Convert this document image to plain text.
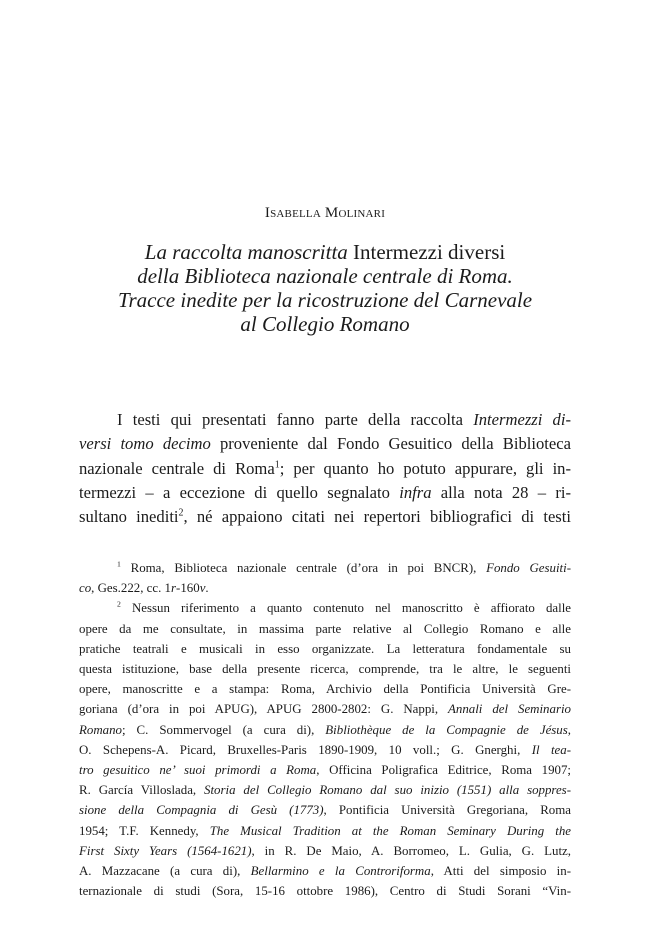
Isabella Molinari
La raccolta manoscritta Intermezzi diversi
della Biblioteca nazionale centrale di Roma.
Tracce inedite per la ricostruzione del Carnevale
al Collegio Romano
I testi qui presentati fanno parte della raccolta Intermezzi di-
versi tomo decimo proveniente dal Fondo Gesuitico della Biblioteca
nazionale centrale di Roma$^1$; per quanto ho potuto appurare, gli in-
termezzi – a eccezione di quello segnalato infra alla nota 28 – ri-
sultano inediti$^2$, né appaiono citati nei repertori bibliografici di testi
$^1$ Roma, Biblioteca nazionale centrale (d’ora in poi BNCR), Fondo Gesuiti-
co, Ges.222, cc. 1r-160v.
$^2$ Nessun riferimento a quanto contenuto nel manoscritto è affiorato dalle
opere da me consultate, in massima parte relative al Collegio Romano e alle
pratiche teatrali e musicali in esso organizzate. La letteratura fondamentale su
questa istituzione, base della presente ricerca, comprende, tra le altre, le seguenti
opere, manoscritte e a stampa: Roma, Archivio della Pontificia Università Gre-
goriana (d’ora in poi APUG), APUG 2800-2802: G. Nappi, Annali del Seminario
Romano; C. Sommervogel (a cura di), Bibliothèque de la Compagnie de Jésus,
O. Schepens-A. Picard, Bruxelles-Paris 1890-1909, 10 voll.; G. Gnerghi, Il tea-
tro gesuitico ne’ suoi primordi a Roma, Officina Poligrafica Editrice, Roma 1907;
R. García Villoslada, Storia del Collegio Romano dal suo inizio (1551) alla soppres-
sione della Compagnia di Gesù (1773), Pontificia Università Gregoriana, Roma
1954; T.F. Kennedy, The Musical Tradition at the Roman Seminary During the
First Sixty Years (1564-1621), in R. De Maio, A. Borromeo, L. Gulia, G. Lutz,
A. Mazzacane (a cura di), Bellarmino e la Controriforma, Atti del simposio in-
ternazionale di studi (Sora, 15-16 ottobre 1986), Centro di Studi Sorani “Vin-
